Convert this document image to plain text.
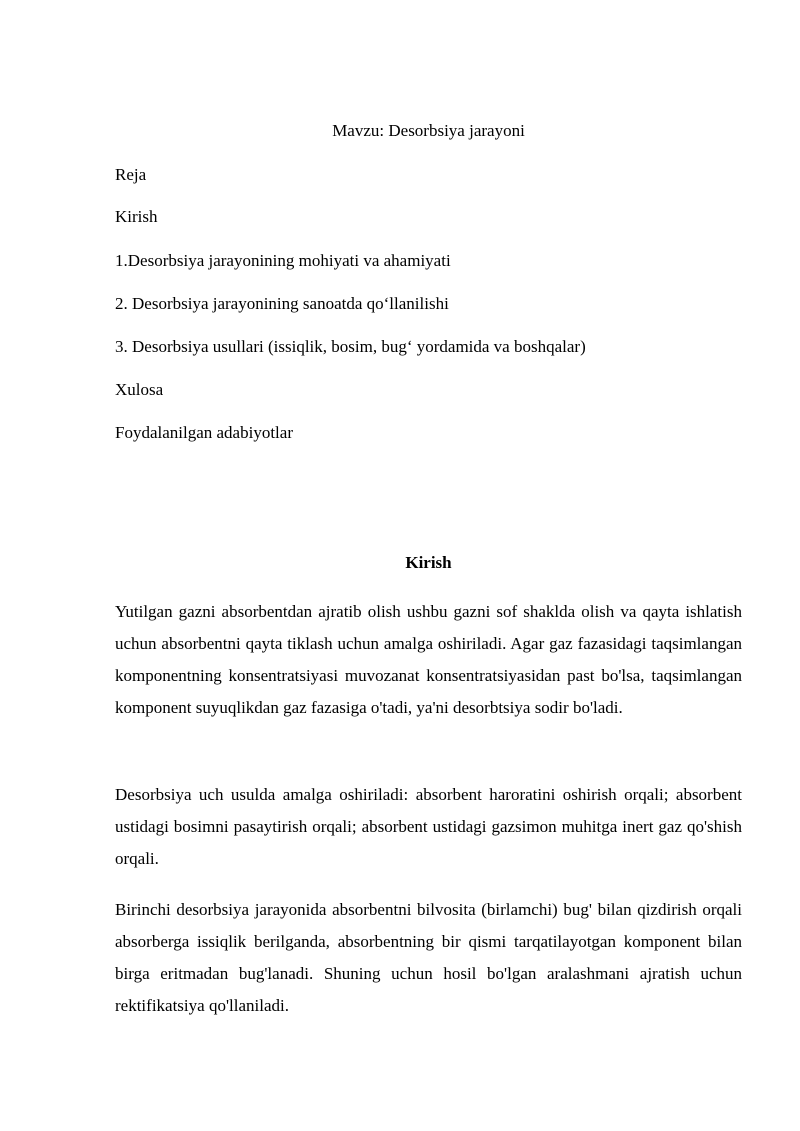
Mavzu: Desorbsiya jarayoni
Reja
Kirish
1.Desorbsiya jarayonining mohiyati va ahamiyati
2. Desorbsiya jarayonining sanoatda qo‘llanilishi
3. Desorbsiya usullari (issiqlik, bosim, bug‘ yordamida va boshqalar)
Xulosa
Foydalanilgan adabiyotlar
Kirish
Yutilgan gazni absorbentdan ajratib olish ushbu gazni sof shaklda olish va qayta ishlatish uchun absorbentni qayta tiklash uchun amalga oshiriladi. Agar gaz fazasidagi taqsimlangan komponentning konsentratsiyasi muvozanat konsentratsiyasidan past bo'lsa, taqsimlangan komponent suyuqlikdan gaz fazasiga o'tadi, ya'ni desorbtsiya sodir bo'ladi.
Desorbsiya uch usulda amalga oshiriladi: absorbent haroratini oshirish orqali; absorbent ustidagi bosimni pasaytirish orqali; absorbent ustidagi gazsimon muhitga inert gaz qo'shish orqali.
Birinchi desorbsiya jarayonida absorbentni bilvosita (birlamchi) bug' bilan qizdirish orqali absorberga issiqlik berilganda, absorbentning bir qismi tarqatilayotgan komponent bilan birga eritmadan bug'lanadi. Shuning uchun hosil bo'lgan aralashmani ajratish uchun rektifikatsiya qo'llaniladi.
